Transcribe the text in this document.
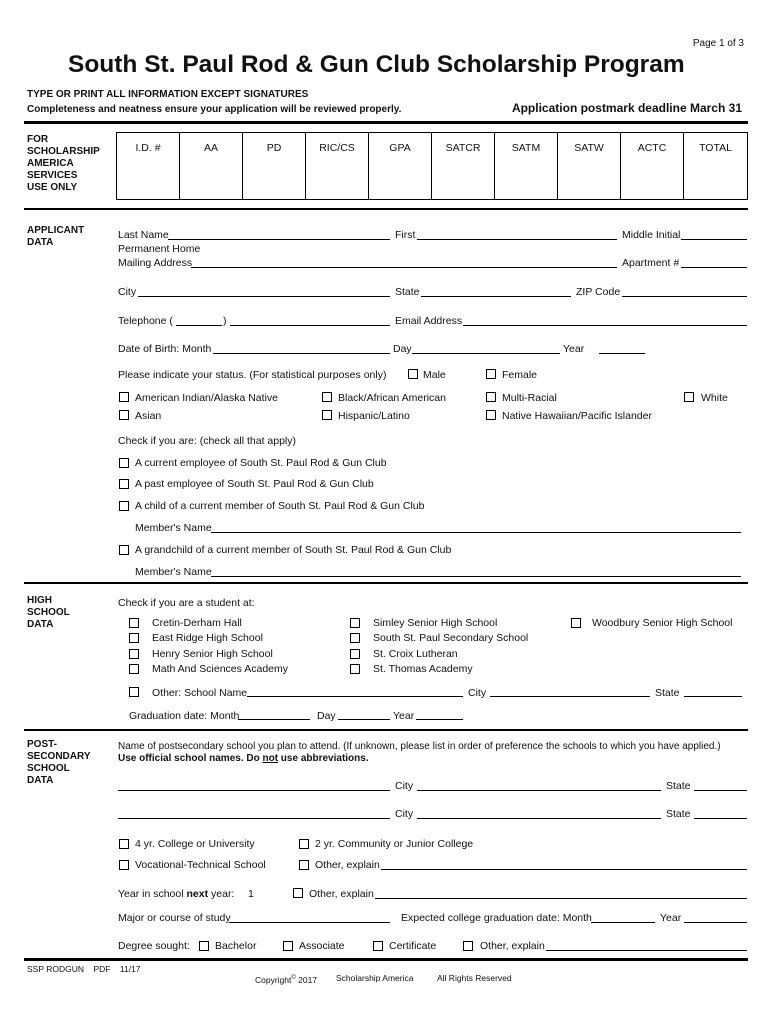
Page 1 of 3
South St. Paul Rod & Gun Club Scholarship Program
TYPE OR PRINT ALL INFORMATION EXCEPT SIGNATURES
Completeness and neatness ensure your application will be reviewed properly.	Application postmark deadline March 31
FOR
SCHOLARSHIP
AMERICA
SERVICES
USE ONLY
I.D. #	AA	PD	RIC/CS	GPA	SATCR	SATM	SATW	ACTC	TOTAL
APPLICANT
DATA
Last Name	First	Middle Initial
Permanent Home
Mailing Address	Apartment #
City	State	ZIP Code
Telephone (	)	Email Address
Date of Birth: Month	Day	Year
Please indicate your status. (For statistical purposes only)	Male	Female
American Indian/Alaska Native	Black/African American	Multi-Racial	White
Asian	Hispanic/Latino	Native Hawaiian/Pacific Islander
Check if you are: (check all that apply)
A current employee of South St. Paul Rod & Gun Club
A past employee of South St. Paul Rod & Gun Club
A child of a current member of South St. Paul Rod & Gun Club
Member's Name
A grandchild of a current member of South St. Paul Rod & Gun Club
Member's Name
HIGH
SCHOOL
DATA
Check if you are a student at:
Cretin-Derham Hall
East Ridge High School
Henry Senior High School
Math And Sciences Academy
Simley Senior High School
South St. Paul Secondary School
St. Croix Lutheran
St. Thomas Academy
Woodbury Senior High School
Other: School Name	City	State
Graduation date: Month	Day	Year
POST-
SECONDARY
SCHOOL
DATA
Name of postsecondary school you plan to attend. (If unknown, please list in order of preference the schools to which you have applied.)
Use official school names. Do not use abbreviations.
City	State
City	State
4 yr. College or University	2 yr. Community or Junior College
Vocational-Technical School	Other, explain
Year in school next year: 1	Other, explain
Major or course of study	Expected college graduation date: Month	Year
Degree sought: Bachelor	Associate	Certificate	Other, explain
SSP RODGUN    PDF    11/17
Copyright© 2017 Scholarship America	All Rights Reserved
